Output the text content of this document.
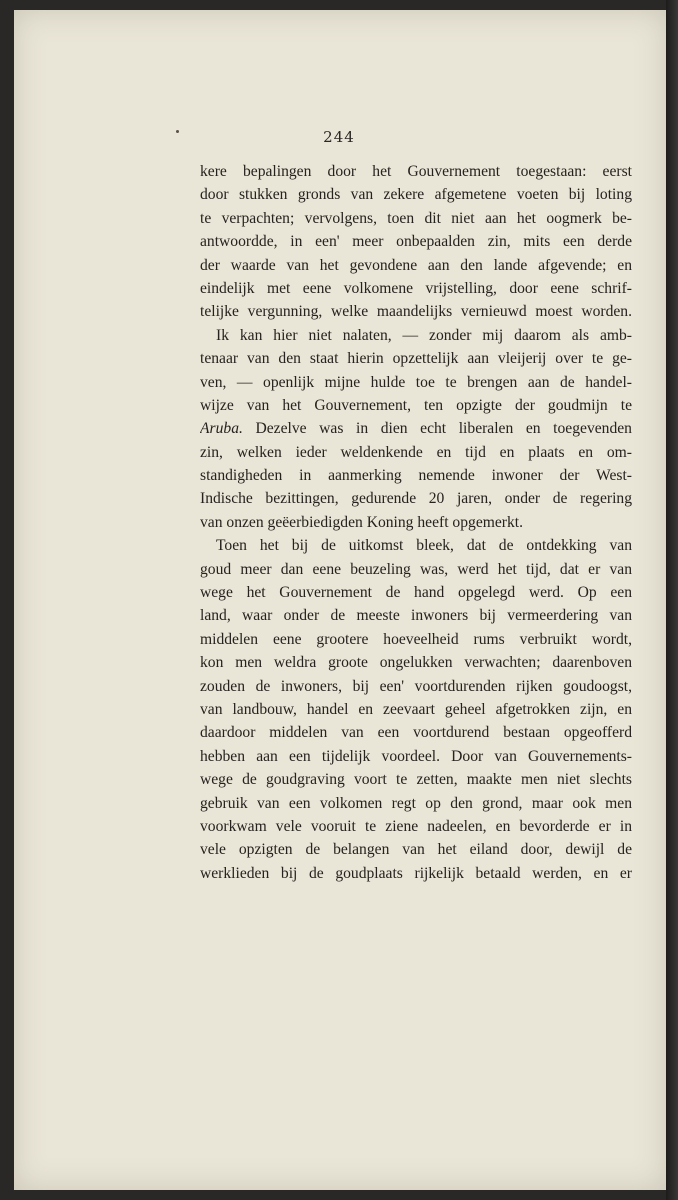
244
kere bepalingen door het Gouvernement toegestaan: eerst
door stukken gronds van zekere afgemetene voeten bij loting
te verpachten; vervolgens, toen dit niet aan het oogmerk be-
antwoordde, in een' meer onbepaalden zin, mits een derde
der waarde van het gevondene aan den lande afgevende; en
eindelijk met eene volkomene vrijstelling, door eene schrif-
telijke vergunning, welke maandelijks vernieuwd moest worden.
Ik kan hier niet nalaten, — zonder mij daarom als amb-
tenaar van den staat hierin opzettelijk aan vleijerij over te ge-
ven, — openlijk mijne hulde toe te brengen aan de handel-
wijze van het Gouvernement, ten opzigte der goudmijn te
Aruba. Dezelve was in dien echt liberalen en toegevenden
zin, welken ieder weldenkende en tijd en plaats en om-
standigheden in aanmerking nemende inwoner der West-
Indische bezittingen, gedurende 20 jaren, onder de regering
van onzen geëerbiedigden Koning heeft opgemerkt.
Toen het bij de uitkomst bleek, dat de ontdekking van
goud meer dan eene beuzeling was, werd het tijd, dat er van
wege het Gouvernement de hand opgelegd werd. Op een
land, waar onder de meeste inwoners bij vermeerdering van
middelen eene grootere hoeveelheid rums verbruikt wordt,
kon men weldra groote ongelukken verwachten; daarenboven
zouden de inwoners, bij een' voortdurenden rijken goudoogst,
van landbouw, handel en zeevaart geheel afgetrokken zijn, en
daardoor middelen van een voortdurend bestaan opgeofferd
hebben aan een tijdelijk voordeel. Door van Gouvernements-
wege de goudgraving voort te zetten, maakte men niet slechts
gebruik van een volkomen regt op den grond, maar ook men
voorkwam vele vooruit te ziene nadeelen, en bevorderde er in
vele opzigten de belangen van het eiland door, dewijl de
werklieden bij de goudplaats rijkelijk betaald werden, en er
